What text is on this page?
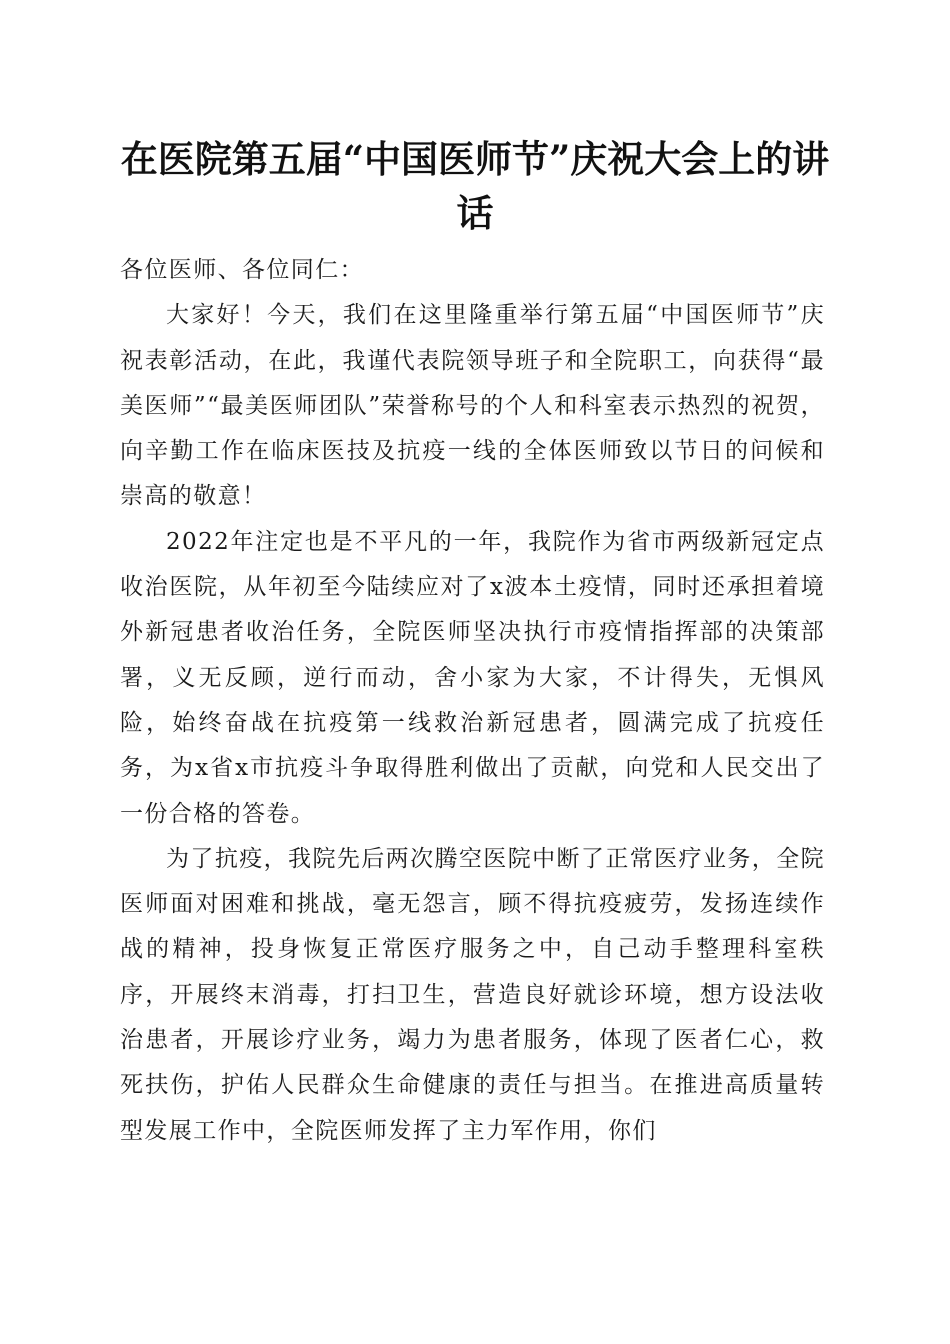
在医院第五届“中国医师节”庆祝大会上的讲话

各位医师、各位同仁：

大家好！今天，我们在这里隆重举行第五届“中国医师节”庆祝表彰活动，在此，我谨代表院领导班子和全院职工，向获得“最美医师”“最美医师团队”荣誉称号的个人和科室表示热烈的祝贺，向辛勤工作在临床医技及抗疫一线的全体医师致以节日的问候和崇高的敬意！

2022年注定也是不平凡的一年，我院作为省市两级新冠定点收治医院，从年初至今陆续应对了x波本土疫情，同时还承担着境外新冠患者收治任务，全院医师坚决执行市疫情指挥部的决策部署，义无反顾，逆行而动，舍小家为大家，不计得失，无惧风险，始终奋战在抗疫第一线救治新冠患者，圆满完成了抗疫任务，为x省x市抗疫斗争取得胜利做出了贡献，向党和人民交出了一份合格的答卷。

为了抗疫，我院先后两次腾空医院中断了正常医疗业务，全院医师面对困难和挑战，毫无怨言，顾不得抗疫疲劳，发扬连续作战的精神，投身恢复正常医疗服务之中，自己动手整理科室秩序，开展终末消毒，打扫卫生，营造良好就诊环境，想方设法收治患者，开展诊疗业务，竭力为患者服务，体现了医者仁心，救死扶伤，护佑人民群众生命健康的责任与担当。在推进高质量转型发展工作中，全院医师发挥了主力军作用，你们
